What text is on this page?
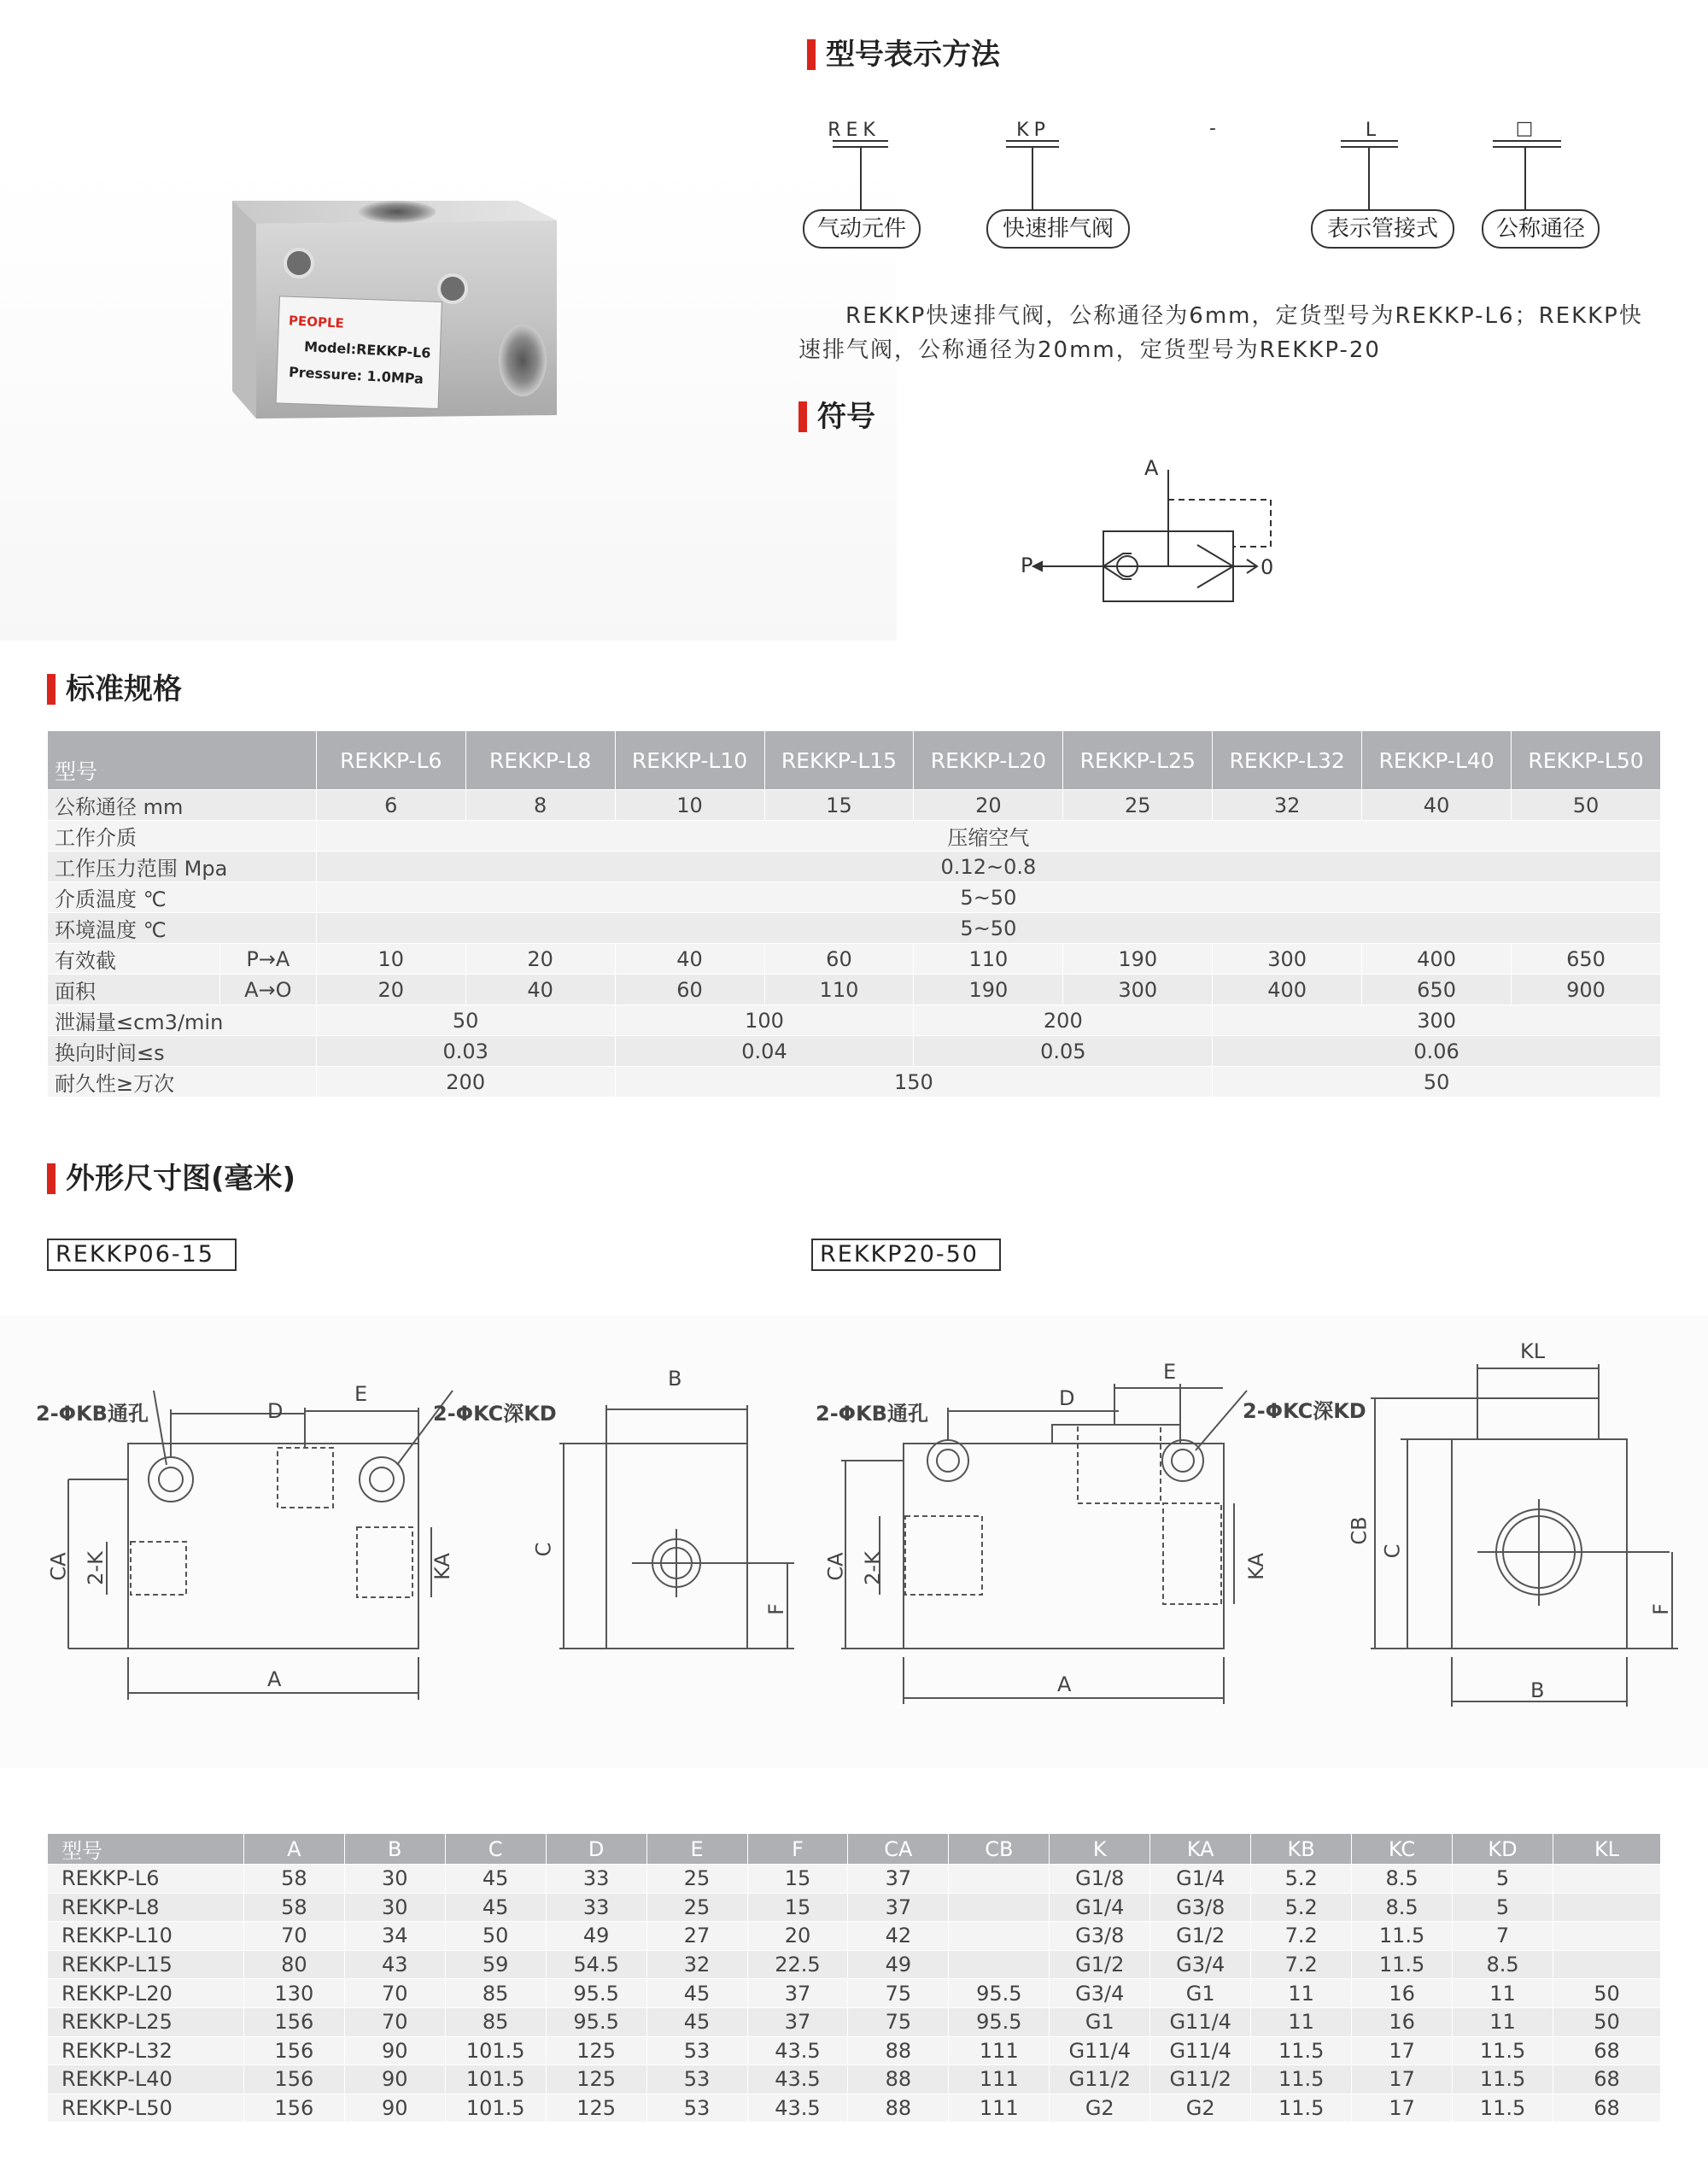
PEOPLE
Model:REKKP-L6
Pressure: 1.0MPa
型号表示方法
REK	KP	-	L	□
气动元件	快速排气阀	表示管接式	公称通径
REKKP快速排气阀，公称通径为6mm，定货型号为REKKP-L6；REKKP快速排气阀，公称通径为20mm，定货型号为REKKP-20
符号
A
P	0
标准规格
型号		REKKP-L6	REKKP-L8	REKKP-L10	REKKP-L15	REKKP-L20	REKKP-L25	REKKP-L32	REKKP-L40	REKKP-L50
公称通径 mm		6	8	10	15	20	25	32	40	50
工作介质		压缩空气								
工作压力范围 Mpa		0.12~0.8								
介质温度 ℃		5~50								
环境温度 ℃		5~50								
有效截	P→A	10	20	40	60	110	190	300	400	650
面积	A→O	20	40	60	110	190	300	400	650	900
泄漏量≤cm3/min		50		100		200		300		
换向时间≤s		0.03		0.04		0.05		0.06		
耐久性≥万次		200		150				50		
外形尺寸图(毫米)
REKKP06-15	REKKP20-50
2-ΦKB通孔	2-ΦKC深KD
D
E
A
CA 2-K	KA
B
C
F
2-ΦKB通孔	2-ΦKC深KD
D
E
A
CA 2-K	KA
KL
CB
C
F
B
型号	A	B	C	D	E	F	CA	CB	K	KA	KB	KC	KD	KL
REKKP-L6	58	30	45	33	25	15	37		G1/8	G1/4	5.2	8.5	5	
REKKP-L8	58	30	45	33	25	15	37		G1/4	G3/8	5.2	8.5	5	
REKKP-L10	70	34	50	49	27	20	42		G3/8	G1/2	7.2	11.5	7	
REKKP-L15	80	43	59	54.5	32	22.5	49		G1/2	G3/4	7.2	11.5	8.5	
REKKP-L20	130	70	85	95.5	45	37	75	95.5	G3/4	G1	11	16	11	50
REKKP-L25	156	70	85	95.5	45	37	75	95.5	G1	G11/4	11	16	11	50
REKKP-L32	156	90	101.5	125	53	43.5	88	111	G11/4	G11/4	11.5	17	11.5	68
REKKP-L40	156	90	101.5	125	53	43.5	88	111	G11/2	G11/2	11.5	17	11.5	68
REKKP-L50	156	90	101.5	125	53	43.5	88	111	G2	G2	11.5	17	11.5	68
